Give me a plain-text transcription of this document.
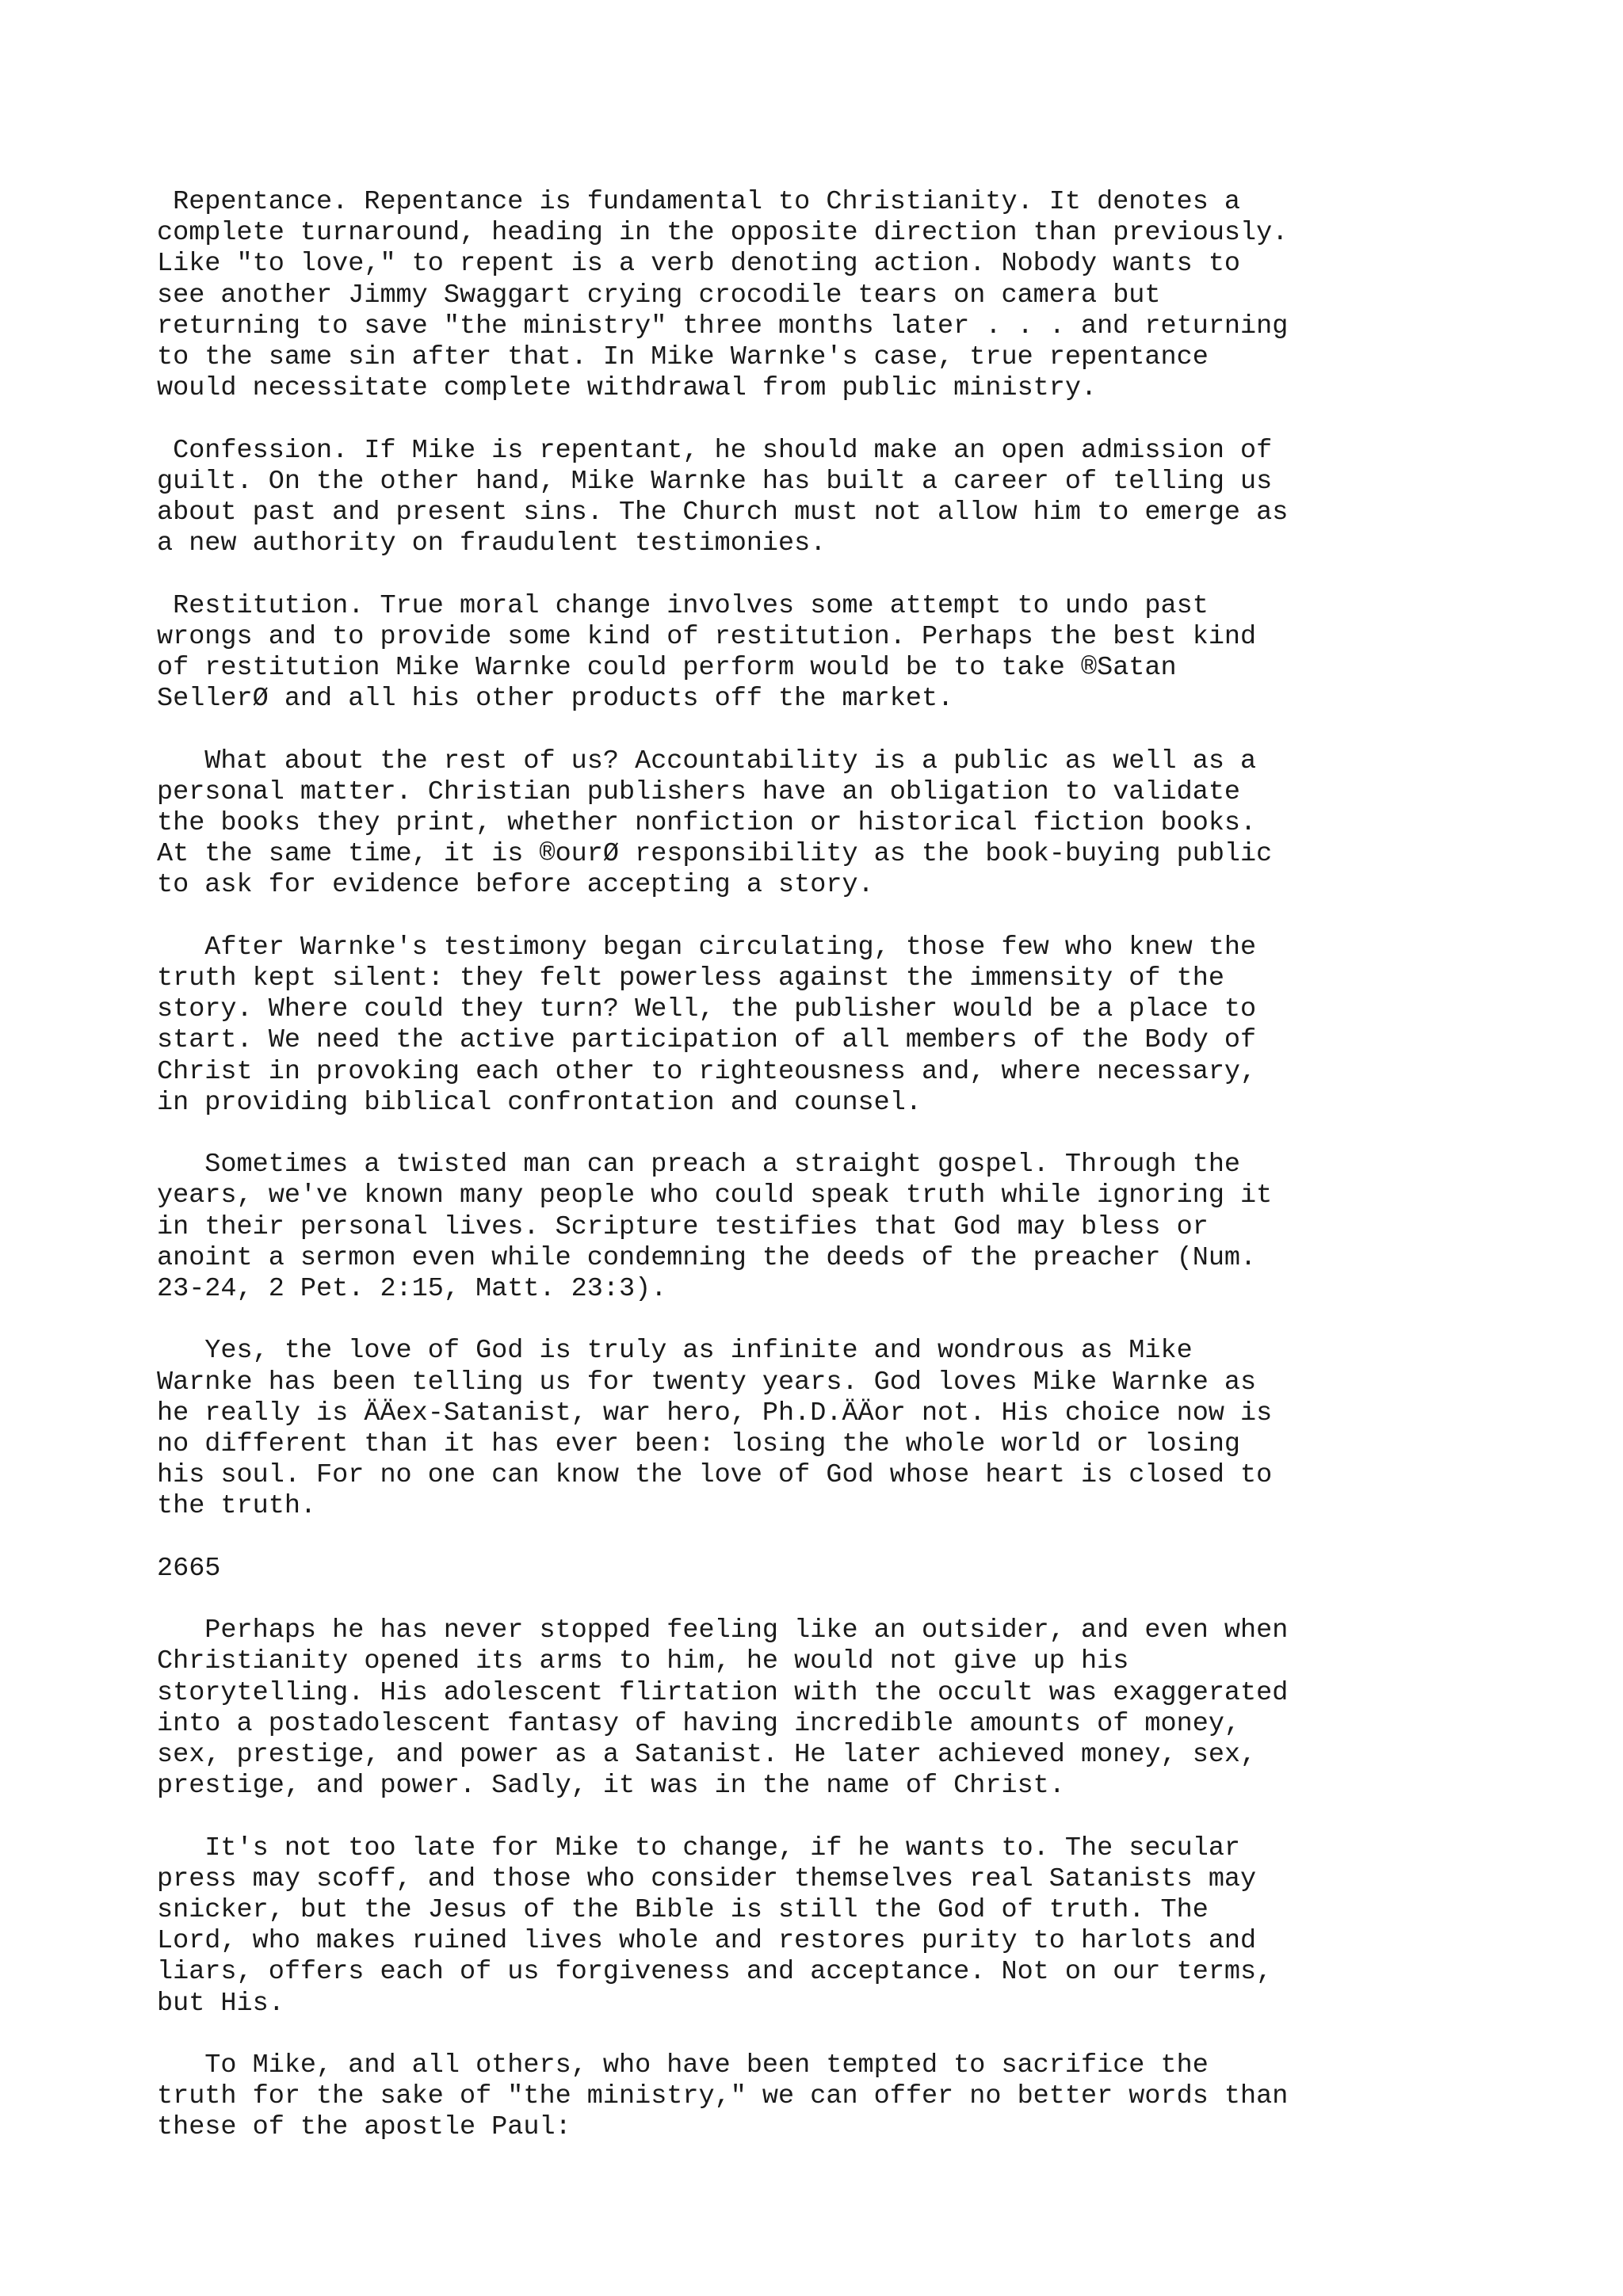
Repentance. Repentance is fundamental to Christianity. It denotes a
complete turnaround, heading in the opposite direction than previously.
Like "to love," to repent is a verb denoting action. Nobody wants to
see another Jimmy Swaggart crying crocodile tears on camera but
returning to save "the ministry" three months later . . . and returning
to the same sin after that. In Mike Warnke's case, true repentance
would necessitate complete withdrawal from public ministry.

Confession. If Mike is repentant, he should make an open admission of
guilt. On the other hand, Mike Warnke has built a career of telling us
about past and present sins. The Church must not allow him to emerge as
a new authority on fraudulent testimonies.

Restitution. True moral change involves some attempt to undo past
wrongs and to provide some kind of restitution. Perhaps the best kind
of restitution Mike Warnke could perform would be to take ®Satan
SellerØ and all his other products off the market.

What about the rest of us? Accountability is a public as well as a
personal matter. Christian publishers have an obligation to validate
the books they print, whether nonfiction or historical fiction books.
At the same time, it is ®ourØ responsibility as the book-buying public
to ask for evidence before accepting a story.

After Warnke's testimony began circulating, those few who knew the
truth kept silent: they felt powerless against the immensity of the
story. Where could they turn? Well, the publisher would be a place to
start. We need the active participation of all members of the Body of
Christ in provoking each other to righteousness and, where necessary,
in providing biblical confrontation and counsel.

Sometimes a twisted man can preach a straight gospel. Through the
years, we've known many people who could speak truth while ignoring it
in their personal lives. Scripture testifies that God may bless or
anoint a sermon even while condemning the deeds of the preacher (Num.
23-24, 2 Pet. 2:15, Matt. 23:3).

Yes, the love of God is truly as infinite and wondrous as Mike
Warnke has been telling us for twenty years. God loves Mike Warnke as
he really is ÄÄex-Satanist, war hero, Ph.D.ÄÄor not. His choice now is
no different than it has ever been: losing the whole world or losing
his soul. For no one can know the love of God whose heart is closed to
the truth.

2665

Perhaps he has never stopped feeling like an outsider, and even when
Christianity opened its arms to him, he would not give up his
storytelling. His adolescent flirtation with the occult was exaggerated
into a postadolescent fantasy of having incredible amounts of money,
sex, prestige, and power as a Satanist. He later achieved money, sex,
prestige, and power. Sadly, it was in the name of Christ.

It's not too late for Mike to change, if he wants to. The secular
press may scoff, and those who consider themselves real Satanists may
snicker, but the Jesus of the Bible is still the God of truth. The
Lord, who makes ruined lives whole and restores purity to harlots and
liars, offers each of us forgiveness and acceptance. Not on our terms,
but His.

To Mike, and all others, who have been tempted to sacrifice the
truth for the sake of "the ministry," we can offer no better words than
these of the apostle Paul:
